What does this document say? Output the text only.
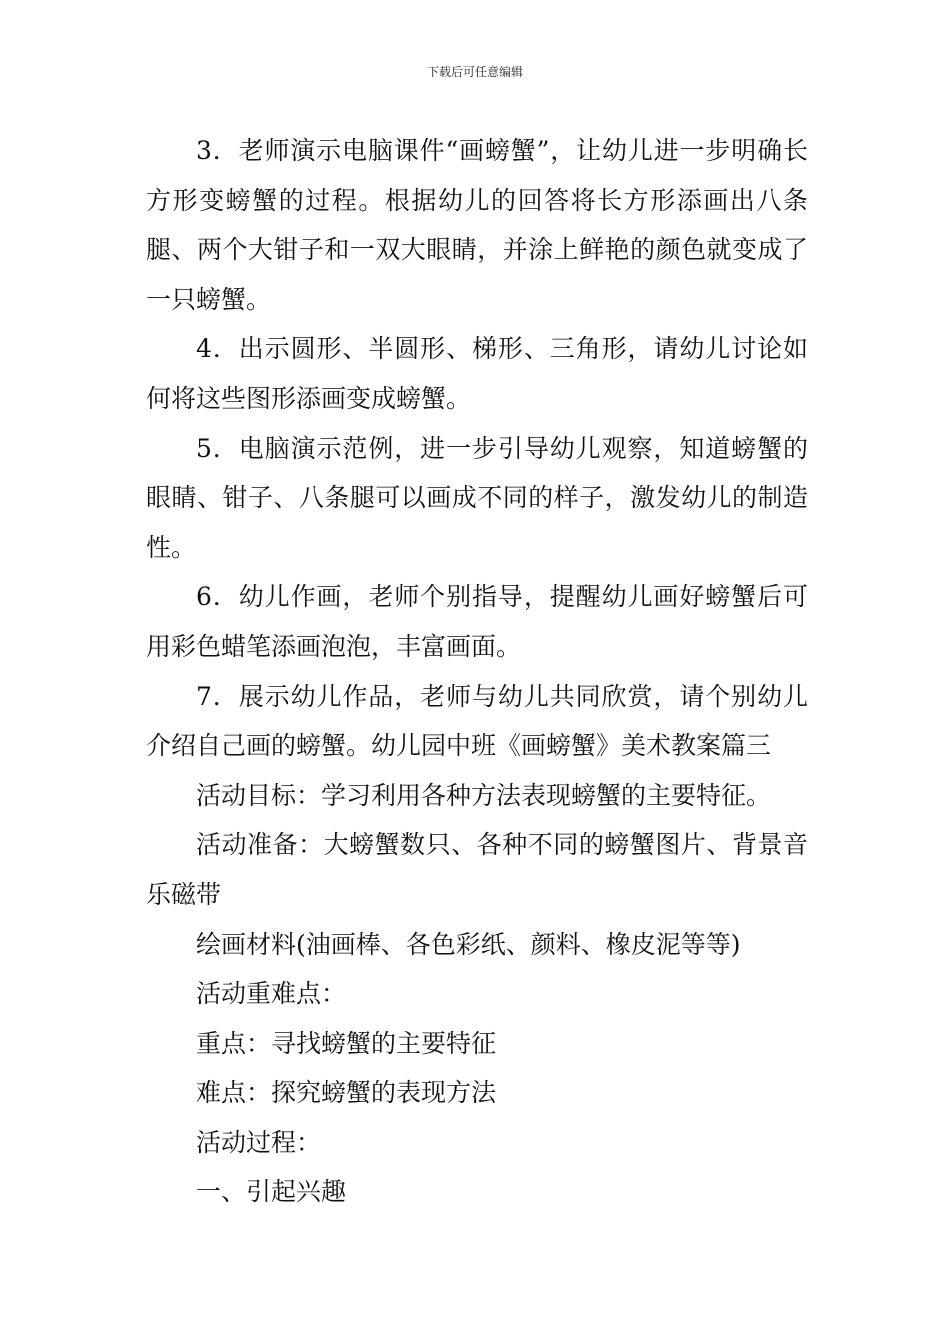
下载后可任意编辑

3．老师演示电脑课件“画螃蟹”，让幼儿进一步明确长方形变螃蟹的过程。根据幼儿的回答将长方形添画出八条腿、两个大钳子和一双大眼睛，并涂上鲜艳的颜色就变成了一只螃蟹。

4．出示圆形、半圆形、梯形、三角形，请幼儿讨论如何将这些图形添画变成螃蟹。

5．电脑演示范例，进一步引导幼儿观察，知道螃蟹的眼睛、钳子、八条腿可以画成不同的样子，激发幼儿的制造性。

6．幼儿作画，老师个别指导，提醒幼儿画好螃蟹后可用彩色蜡笔添画泡泡，丰富画面。

7．展示幼儿作品，老师与幼儿共同欣赏，请个别幼儿介绍自己画的螃蟹。幼儿园中班《画螃蟹》美术教案篇三

活动目标：学习利用各种方法表现螃蟹的主要特征。

活动准备：大螃蟹数只、各种不同的螃蟹图片、背景音乐磁带

绘画材料(油画棒、各色彩纸、颜料、橡皮泥等等)

活动重难点：

重点：寻找螃蟹的主要特征

难点：探究螃蟹的表现方法

活动过程：

一、引起兴趣
